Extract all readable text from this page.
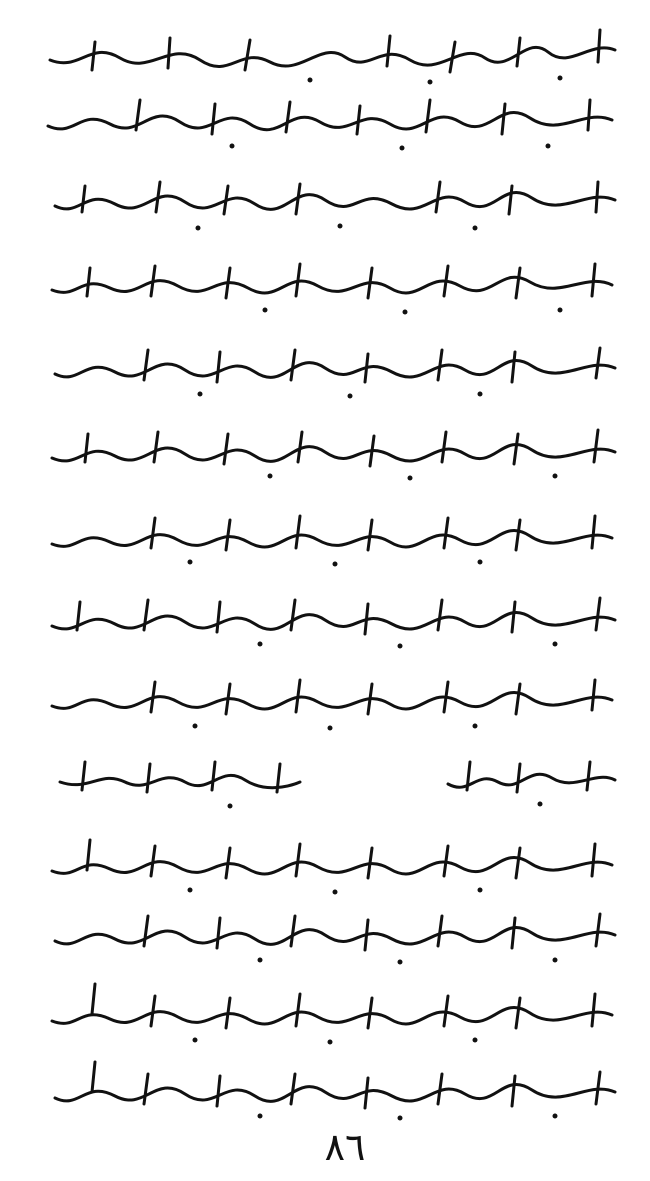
٨٦
